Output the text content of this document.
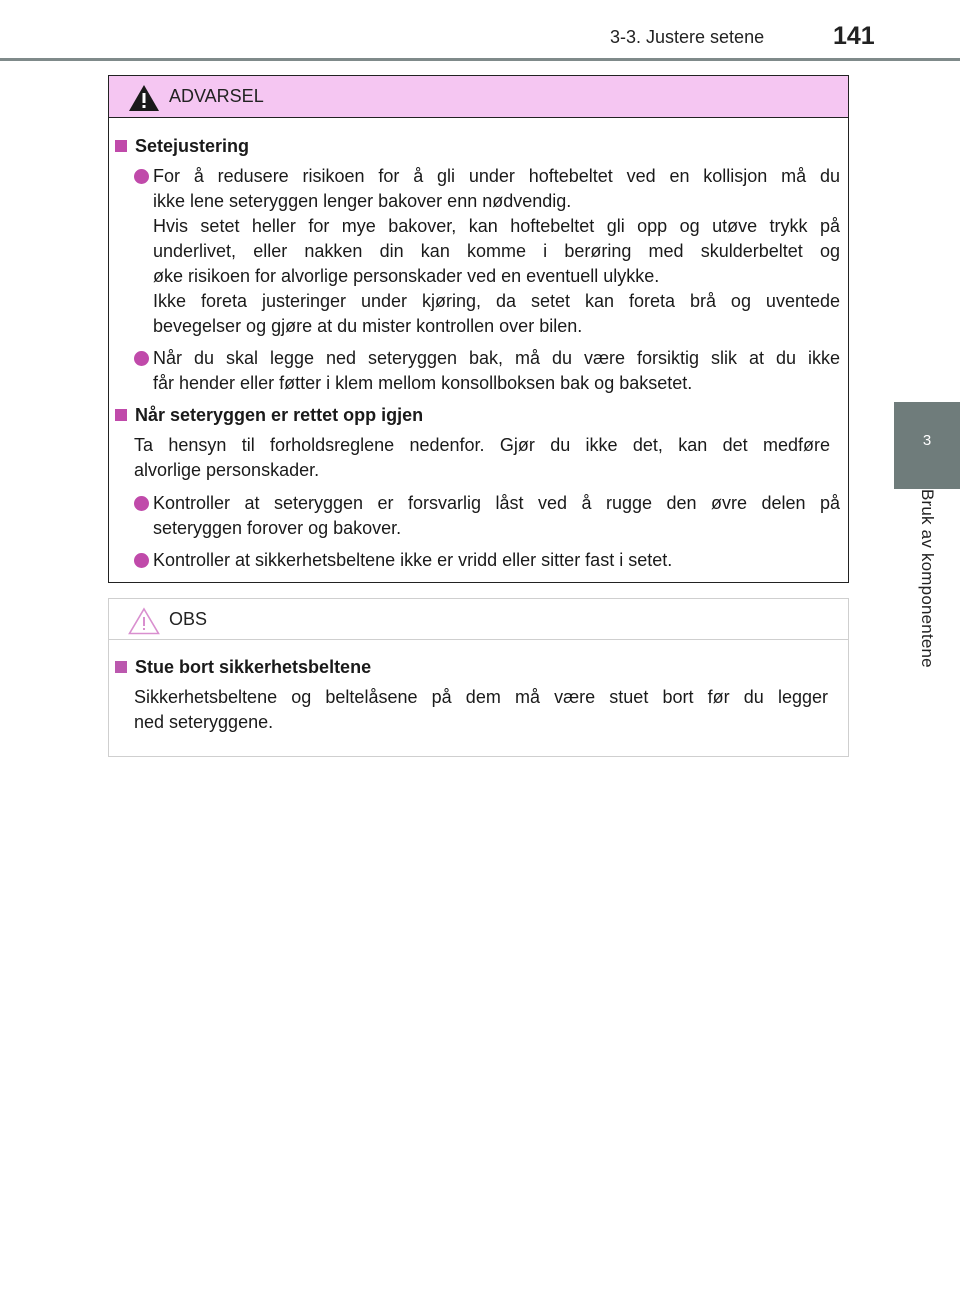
3-3. Justere setene	141
3
Bruk av komponentene
ADVARSEL
Setejustering
For å redusere risikoen for å gli under hoftebeltet ved en kollisjon må du
ikke lene seteryggen lenger bakover enn nødvendig.
Hvis setet heller for mye bakover, kan hoftebeltet gli opp og utøve trykk på
underlivet, eller nakken din kan komme i berøring med skulderbeltet og
øke risikoen for alvorlige personskader ved en eventuell ulykke.
Ikke foreta justeringer under kjøring, da setet kan foreta brå og uventede
bevegelser og gjøre at du mister kontrollen over bilen.
Når du skal legge ned seteryggen bak, må du være forsiktig slik at du ikke
får hender eller føtter i klem mellom konsollboksen bak og baksetet.
Når seteryggen er rettet opp igjen
Ta hensyn til forholdsreglene nedenfor. Gjør du ikke det, kan det medføre
alvorlige personskader.
Kontroller at seteryggen er forsvarlig låst ved å rugge den øvre delen på
seteryggen forover og bakover.
Kontroller at sikkerhetsbeltene ikke er vridd eller sitter fast i setet.
OBS
Stue bort sikkerhetsbeltene
Sikkerhetsbeltene og beltelåsene på dem må være stuet bort før du legger
ned seteryggene.
